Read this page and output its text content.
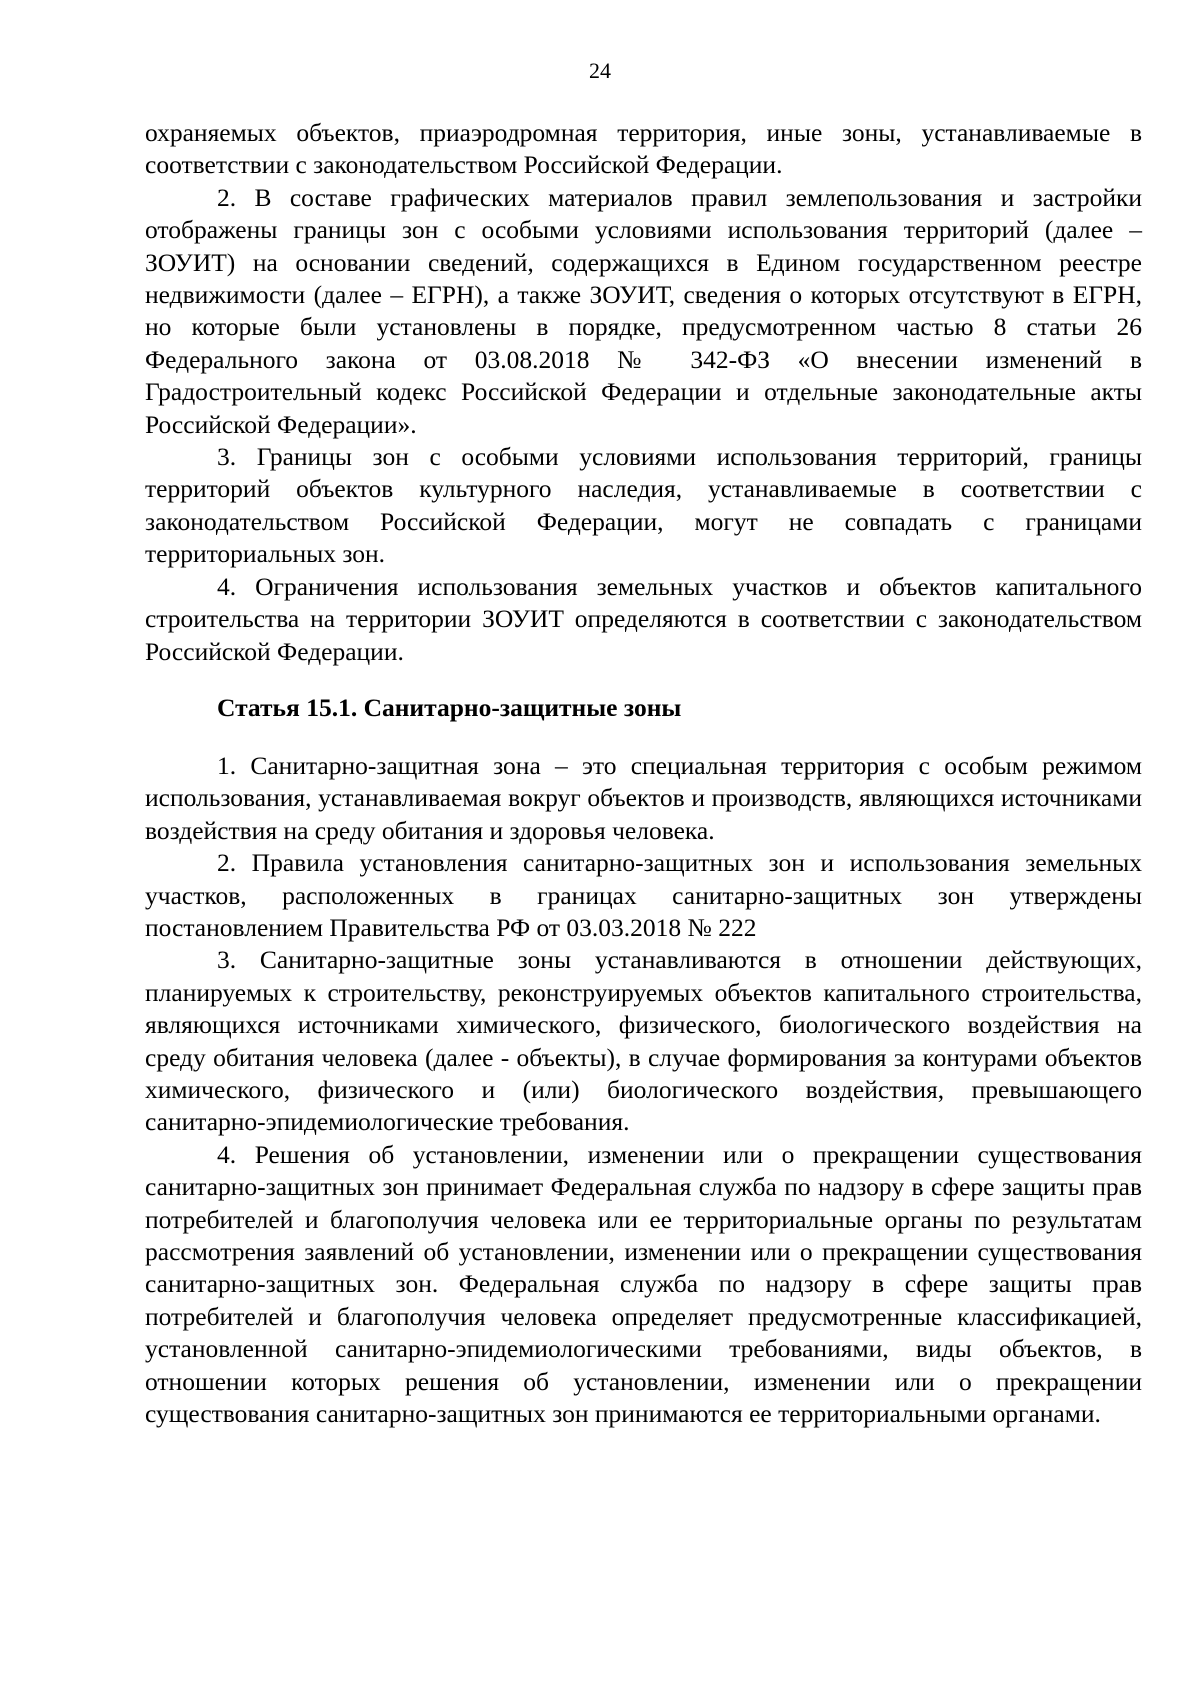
24

охраняемых объектов, приаэродромная территория, иные зоны, устанавливаемые в соответствии с законодательством Российской Федерации.

2. В составе графических материалов правил землепользования и застройки отображены границы зон с особыми условиями использования территорий (далее – ЗОУИТ) на основании сведений, содержащихся в Едином государственном реестре недвижимости (далее – ЕГРН), а также ЗОУИТ, сведения о которых отсутствуют в ЕГРН, но которые были установлены в порядке, предусмотренном частью 8 статьи 26 Федерального закона от 03.08.2018 № 342-ФЗ «О внесении изменений в Градостроительный кодекс Российской Федерации и отдельные законодательные акты Российской Федерации».

3. Границы зон с особыми условиями использования территорий, границы территорий объектов культурного наследия, устанавливаемые в соответствии с законодательством Российской Федерации, могут не совпадать с границами территориальных зон.

4. Ограничения использования земельных участков и объектов капитального строительства на территории ЗОУИТ определяются в соответствии с законодательством Российской Федерации.

Статья 15.1. Санитарно-защитные зоны

1. Санитарно-защитная зона – это специальная территория с особым режимом использования, устанавливаемая вокруг объектов и производств, являющихся источниками воздействия на среду обитания и здоровья человека.

2. Правила установления санитарно-защитных зон и использования земельных участков, расположенных в границах санитарно-защитных зон утверждены постановлением Правительства РФ от 03.03.2018 № 222

3. Санитарно-защитные зоны устанавливаются в отношении действующих, планируемых к строительству, реконструируемых объектов капитального строительства, являющихся источниками химического, физического, биологического воздействия на среду обитания человека (далее - объекты), в случае формирования за контурами объектов химического, физического и (или) биологического воздействия, превышающего санитарно-эпидемиологические требования.

4. Решения об установлении, изменении или о прекращении существования санитарно-защитных зон принимает Федеральная служба по надзору в сфере защиты прав потребителей и благополучия человека или ее территориальные органы по результатам рассмотрения заявлений об установлении, изменении или о прекращении существования санитарно-защитных зон. Федеральная служба по надзору в сфере защиты прав потребителей и благополучия человека определяет предусмотренные классификацией, установленной санитарно-эпидемиологическими требованиями, виды объектов, в отношении которых решения об установлении, изменении или о прекращении существования санитарно-защитных зон принимаются ее территориальными органами.
